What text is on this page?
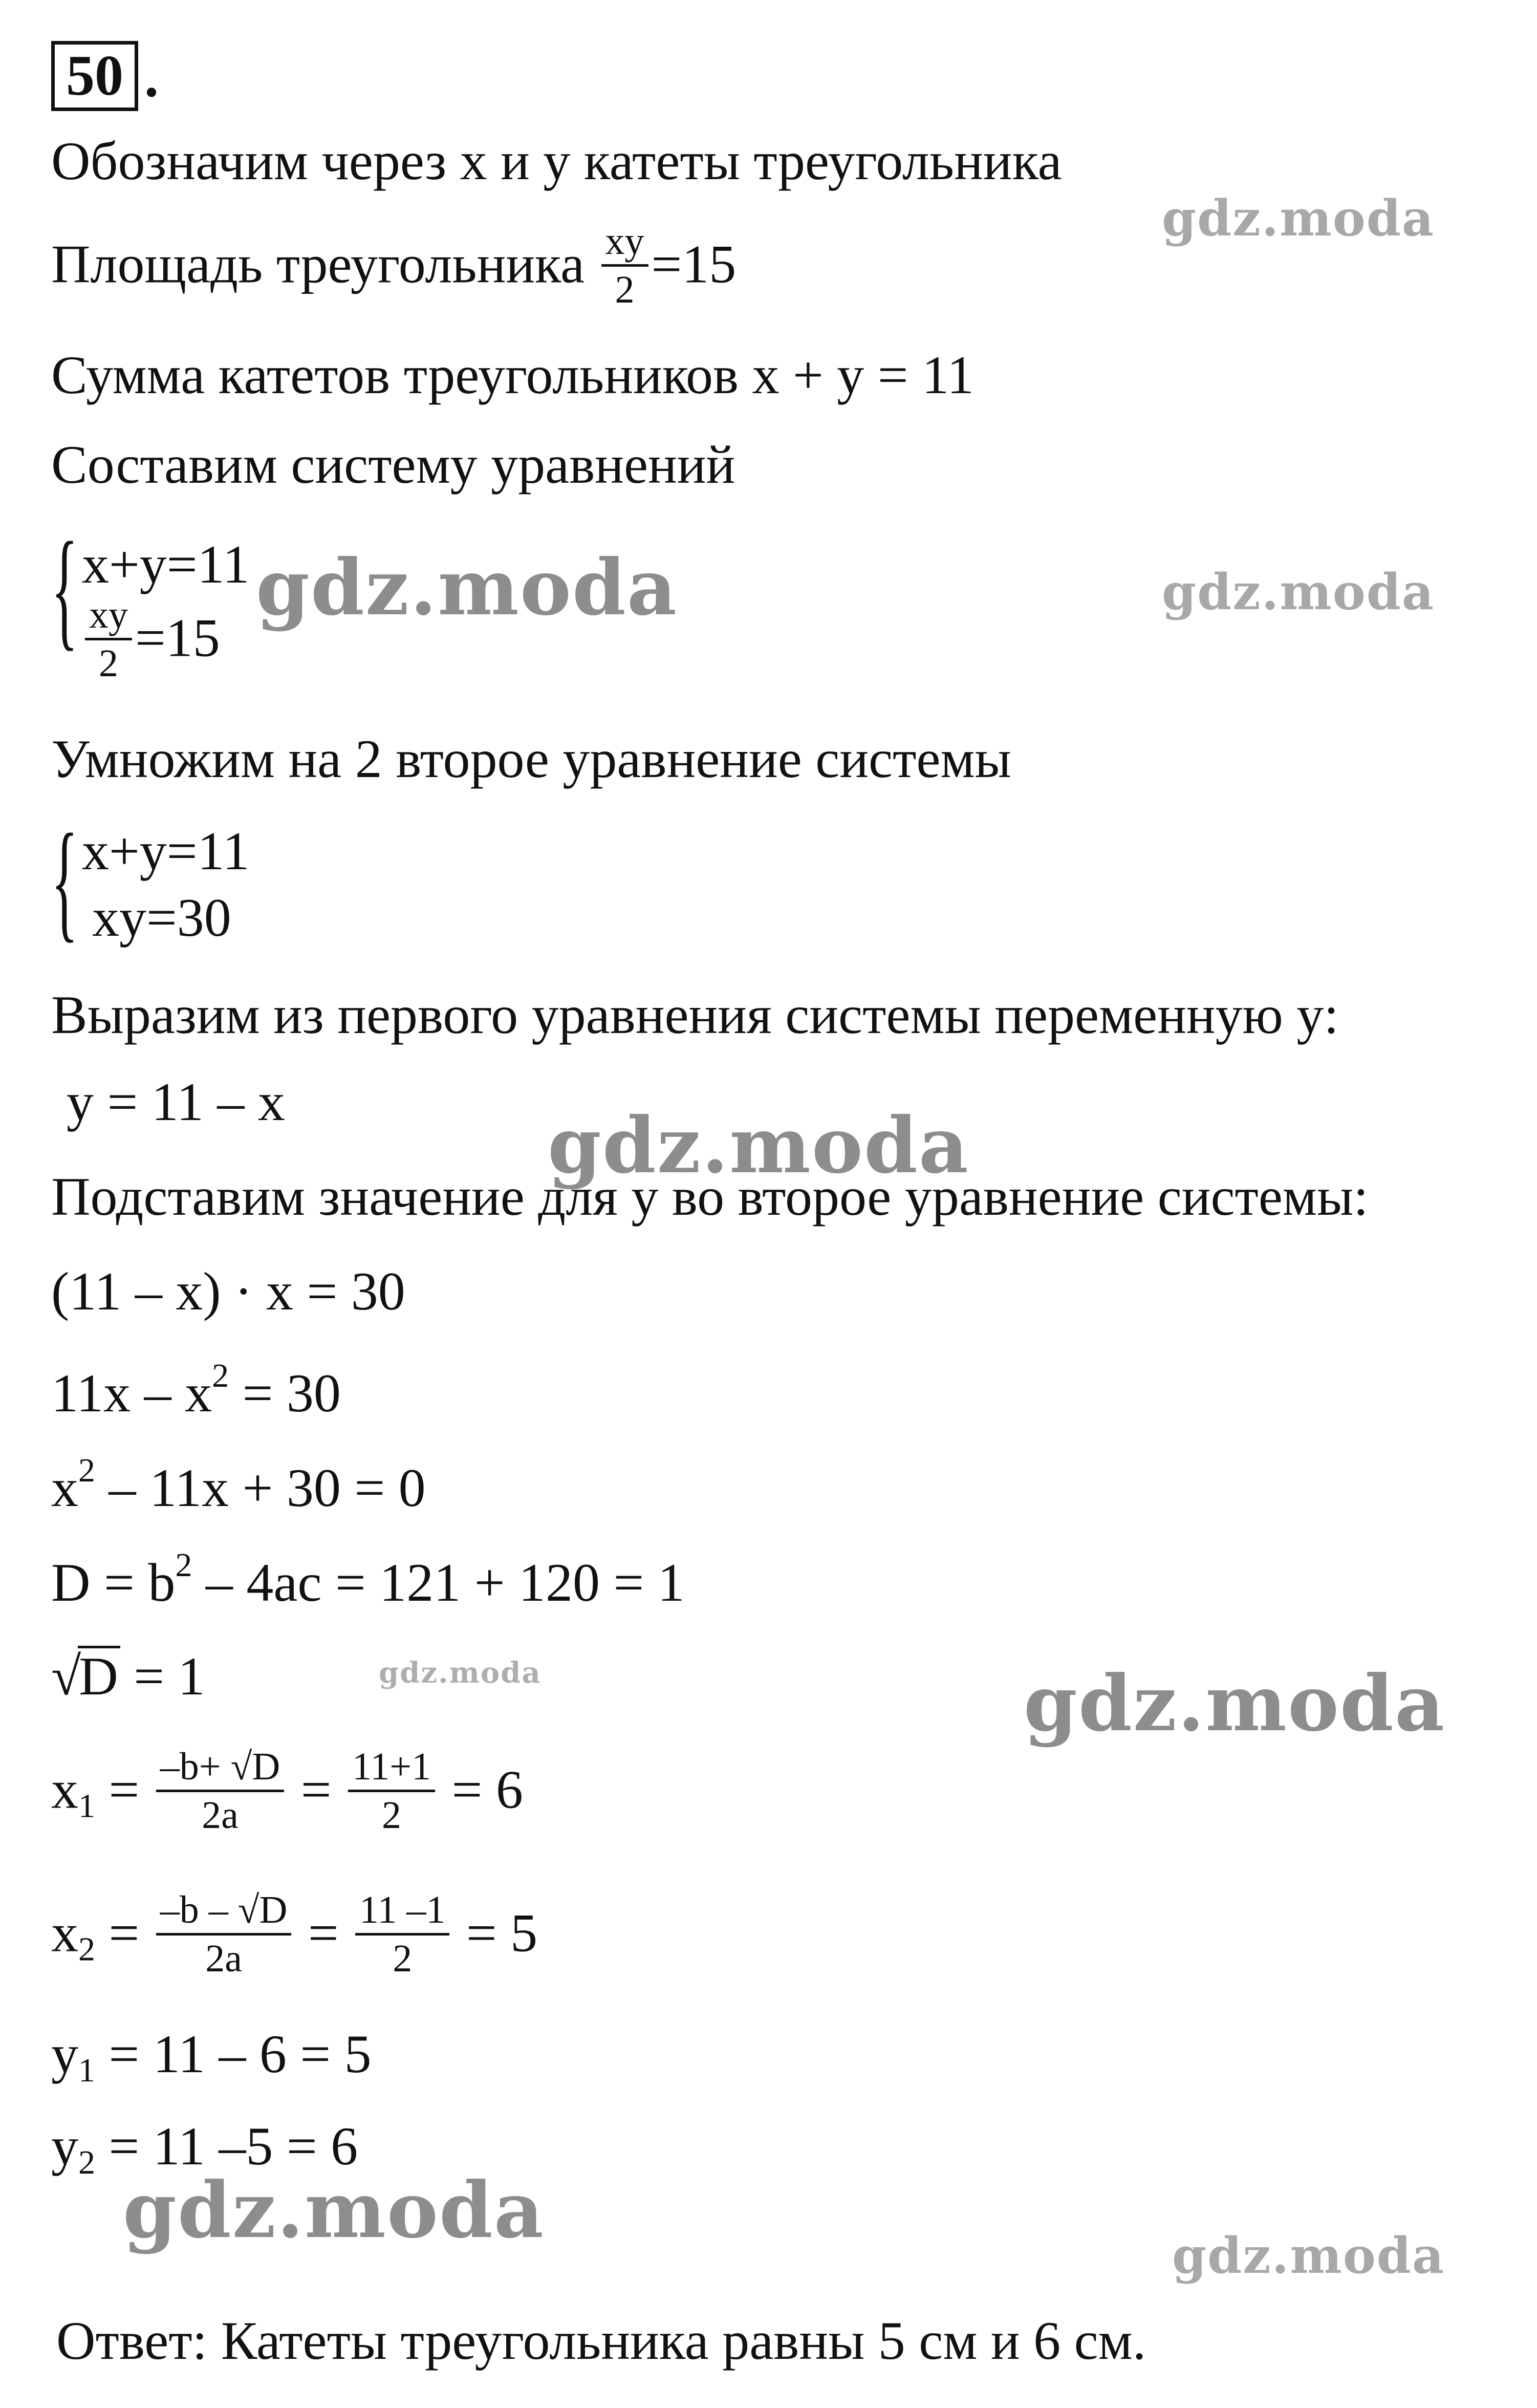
50 .
Обозначим через x и y катеты треугольника
Площадь треугольника $\frac{xy}{2} =15$
Сумма катетов треугольников x + y = 11
Составим систему уравнений
{ x+y=11
$\frac{xy}{2} =15$
Умножим на 2 второе уравнение системы
{ x+y=11
xy=30
Выразим из первого уравнения системы переменную y:
y = 11 – x
Подставим значение для y во второе уравнение системы:
(11 – x) · x = 30
$11x - x^2 = 30$
$x^2 - 11x + 30 = 0$
$D = b^2 - 4ac = 121 + 120 = 1$
√D = 1
$x_1 = \frac{-b+ √D}{2a} = \frac{11+1}{2} = 6$
$x_2 = \frac{-b - √D}{2a} = \frac{11 -1}{2} = 5$
$y_1 = 11 - 6 = 5$
$y_2 = 11$ –5 = 6
Ответ: Катеты треугольника равны 5 см и 6 см.
gdz.moda
gdz.moda	gdz.moda
gdz.moda
gdz.moda	gdz.moda
gdz.moda
gdz.moda
